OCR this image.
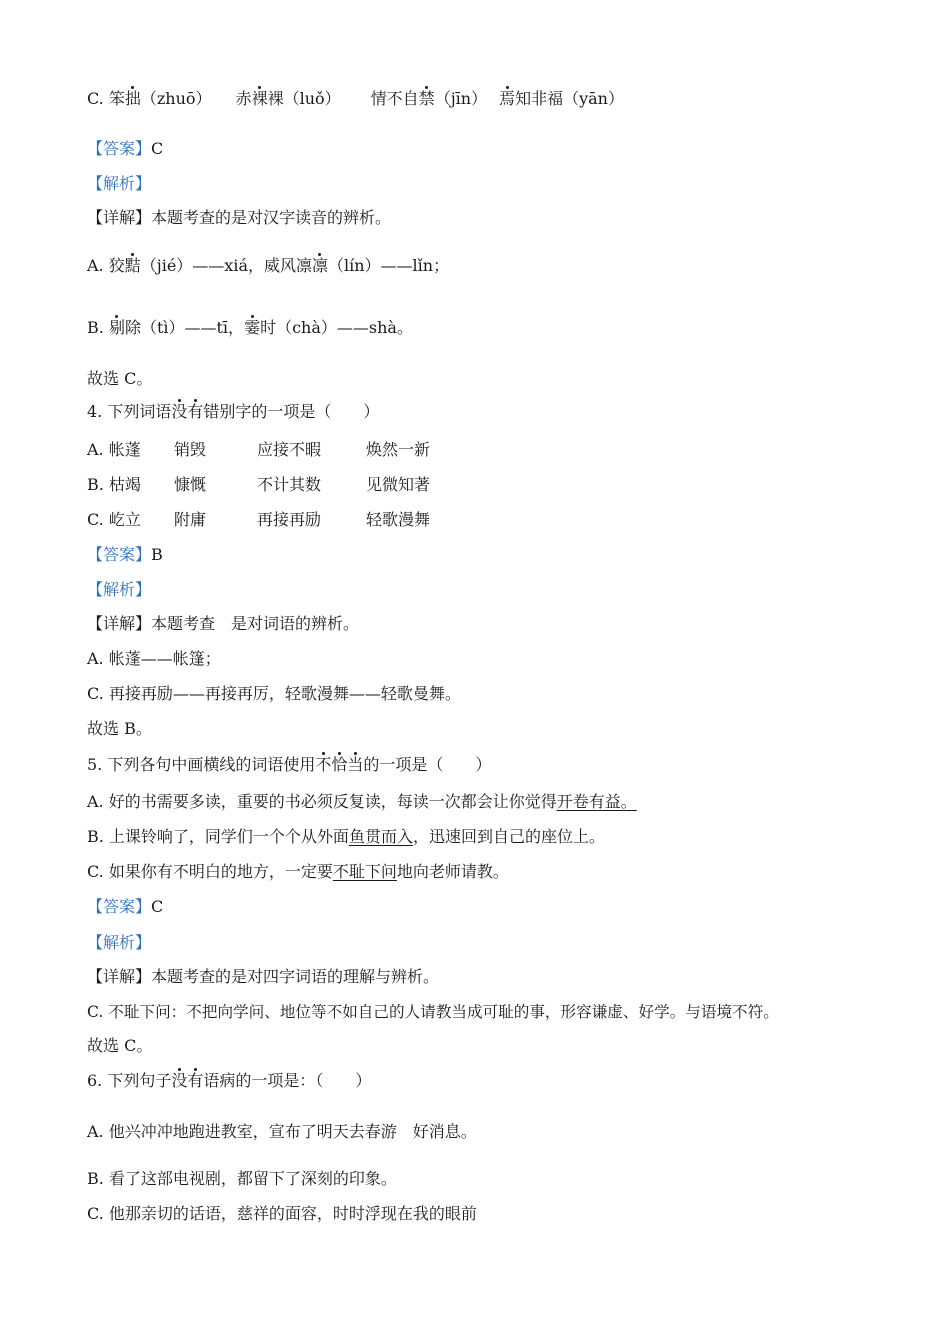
C. 笨拙（zhuō） 赤裸裸（luǒ） 情不自禁（jīn） 焉知非福（yān）
【答案】C
【解析】
【详解】本题考查的是对汉字读音的辨析。
A. 狡黠（jié）——xiá，威风凛凛（lín）——lǐn；
B. 剔除（tì）——tī，霎时（chà）——shà。
故选 C。
4. 下列词语没有错别字的一项是（　　）
A. 帐蓬 销毁	应接不暇	焕然一新
B. 枯竭 慷慨	不计其数	见微知著
C. 屹立 附庸	再接再励	轻歌漫舞
【答案】B
【解析】
【详解】本题考查　是对词语的辨析。
A. 帐蓬——帐篷；
C. 再接再励——再接再厉，轻歌漫舞——轻歌曼舞。
故选 B。
5. 下列各句中画横线的词语使用不恰当的一项是（　　）
A. 好的书需要多读，重要的书必须反复读，每读一次都会让你觉得开卷有益。
B. 上课铃响了，同学们一个个从外面鱼贯而入，迅速回到自己的座位上。
C. 如果你有不明白的地方，一定要不耻下问地向老师请教。
【答案】C
【解析】
【详解】本题考查的是对四字词语的理解与辨析。
C. 不耻下问：不把向学问、地位等不如自己的人请教当成可耻的事，形容谦虚、好学。与语境不符。
故选 C。
6. 下列句子没有语病的一项是：（　　）
A. 他兴冲冲地跑进教室，宣布了明天去春游　好消息。
B. 看了这部电视剧，都留下了深刻的印象。
C. 他那亲切的话语，慈祥的面容，时时浮现在我的眼前
